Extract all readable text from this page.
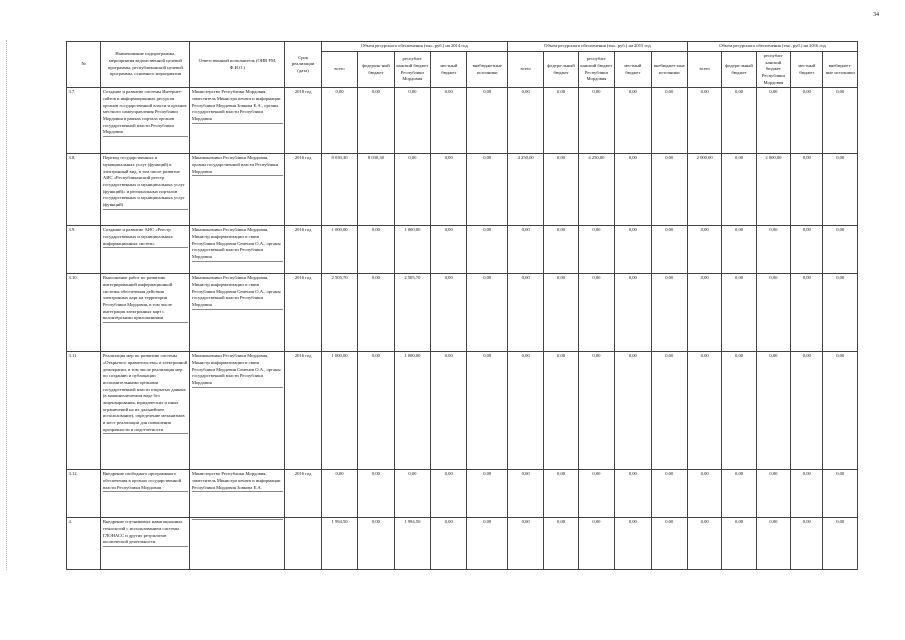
34
№	Наименование подпрограммы, мероприятия ведомственной целевой программы, республиканской целевой программы, основного мероприятия	Ответственный исполнитель (ОИВ РМ, Ф.И.О.)	Срок реализации (дата)	Объем ресурсного обеспечения (тыс. руб.) на 2014 год					Объем ресурсного обеспечения (тыс. руб.) на 2015 год					Объем ресурсного обеспечения (тыс. руб.) на 2016 год				
				всего	федераль-ный бюджет	республи-канский бюджет Республики Мордовия	местный бюджет	внебюджетные источники	всего	федера-льный бюджет	республи-канский бюджет Республики Мордовия	местный бюджет	внебюджет-ные источники	всего	федера-льный бюджет	республи-канский бюджет Республики Мордовия	местный бюджет	внебюджет-ные источники
3.7.	Создание и развитие системы Интернет-сайтов и информационных ресурсов органов государственной власти и органов местного самоуправления Республики Мордовия в рамках портала органов государственной власти Республики Мордовия	Министерство Республики Мордовия, заместитель Министра печати и информации Республики Мордовия Зовкова Е.А., органы государственной власти Республики Мордовия	2018 год	0,00	0,00	0,00	0,00	0,00	0,00	0,00	0,00	0,00	0,00	0,00	0,00	0,00	0,00	0,00
3.8.	Перевод государственных и муниципальных услуг (функций) в электронный вид, в том числе развитие АИС «Республиканский реестр государственных и муниципальных услуг (функций)» и региональных порталов государственных и муниципальных услуг (функций)	Минэкономики Республики Мордовия, органы государственной власти Республики Мордовия	2016 год	8 030,30	8 030,30	0,00	0,00	0,00	4 250,00	0,00	4 250,00	0,00	0,00	2 000,00	0,00	2 000,00	0,00	0,00
3.9.	Создание и развитие АИС «Реестр государственных и муниципальных информационных систем»	Минэкономики Республики Мордовия, Министр информатизации и связи Республики Мордовия Семенов О.А., органы государственной власти Республики Мордовия	2016 год	1 000,00	0,00	1 000,00	0,00	0,00	0,00	0,00	0,00	0,00	0,00	0,00	0,00	0,00	0,00	0,00
3.10.	Выполнение работ по развитию интегрированной информационной системы обеспечения действия электронных карт на территории Республики Мордовия, в том числе интеграция электронных карт с волонтёрскими приложениями	Минэкономики Республики Мордовия, Министр информатизации и связи Республики Мордовия Семенов О.А., органы государственной власти Республики Мордовия	2016 год	2 505,70	0,00	2 505,70	0,00	0,00	0,00	0,00	0,00	0,00	0,00	0,00	0,00	0,00	0,00	0,00
3.11.	Реализация мер по развитию системы «Открытого правительства» в электронной демократии, в том числе реализация мер по созданию и публикации исполнительными органами государственной власти открытых данных (в машиночитаемом виде без лицензирования, юридических и иных ограничений на их дальнейшее использование), определение механизмов и мест реализации для повышения прозрачности и подотчетности	Минэкономики Республики Мордовия, Министр информатизации и связи Республики Мордовия Семенов О.А., органы государственной власти Республики Мордовия	2016 год	1 000,00	0,00	1 000,00	0,00	0,00	0,00	0,00	0,00	0,00	0,00	0,00	0,00	0,00	0,00	0,00
3.12.	Внедрение свободного программного обеспечения в органах государственной власти Республики Мордовия	Министерство Республики Мордовия, заместитель Министра печати и информации Республики Мордовия Зовкова Е.А.	2016 год	0,00	0,00	0,00	0,00	0,00	0,00	0,00	0,00	0,00	0,00	0,00	0,00	0,00	0,00	0,00
4.	Внедрение спутниковых навигационных технологий с использованием системы ГЛОНАСС и других результатов космической деятельности			1 994,50	0,00	1 994,50	0,00	0,00	0,00	0,00	0,00	0,00	0,00	0,00	0,00	0,00	0,00	0,00
